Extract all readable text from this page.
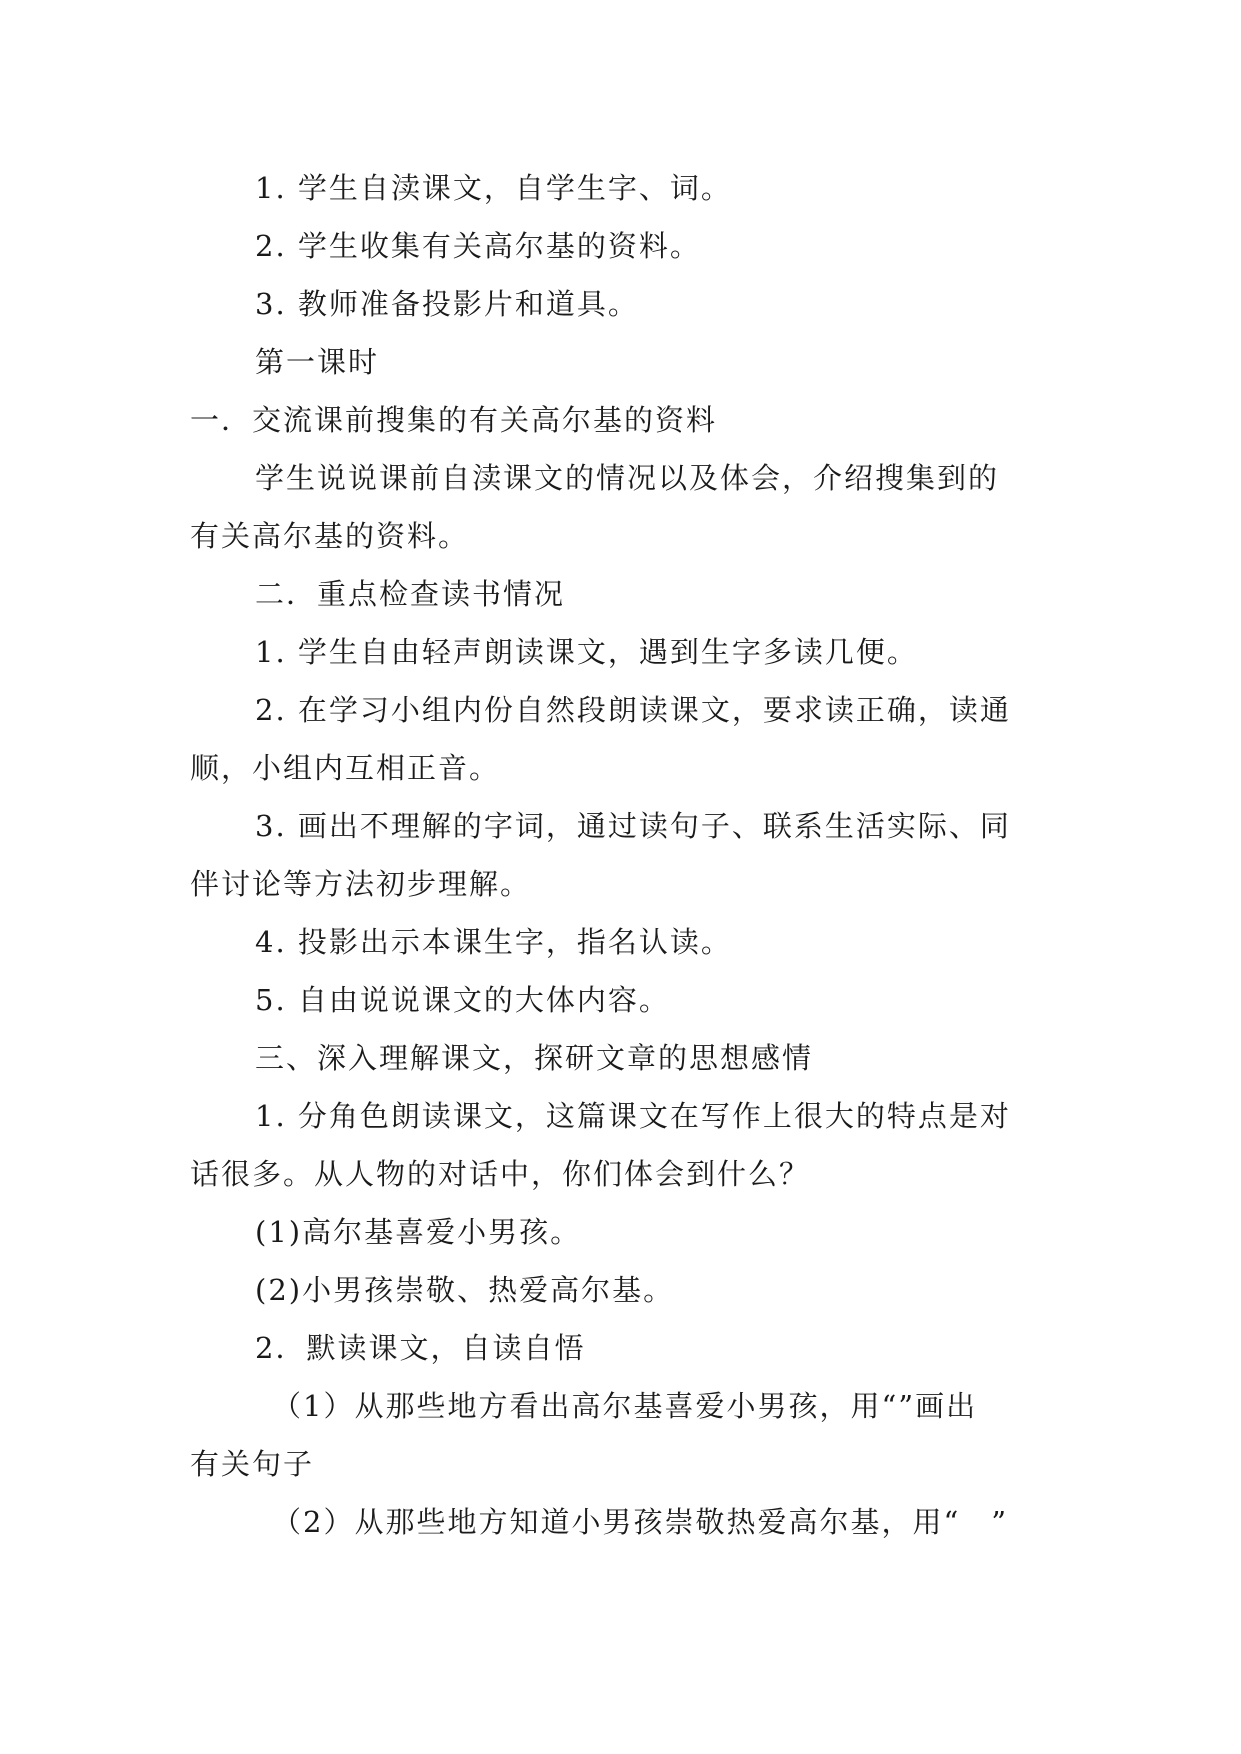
1. 学生自渎课文，自学生字、词。
2. 学生收集有关高尔基的资料。
3. 教师准备投影片和道具。
第一课时
一．交流课前搜集的有关高尔基的资料
学生说说课前自渎课文的情况以及体会，介绍搜集到的
有关高尔基的资料。
二．重点检查读书情况
1. 学生自由轻声朗读课文，遇到生字多读几便。
2. 在学习小组内份自然段朗读课文，要求读正确，读通
顺，小组内互相正音。
3. 画出不理解的字词，通过读句子、联系生活实际、同
伴讨论等方法初步理解。
4. 投影出示本课生字，指名认读。
5. 自由说说课文的大体内容。
三、深入理解课文，探研文章的思想感情
1. 分角色朗读课文，这篇课文在写作上很大的特点是对
话很多。从人物的对话中，你们体会到什么？
(1)高尔基喜爱小男孩。
(2)小男孩崇敬、热爱高尔基。
2．默读课文，自读自悟
（1）从那些地方看出高尔基喜爱小男孩，用“”画出
有关句子
（2）从那些地方知道小男孩崇敬热爱高尔基，用“　”
